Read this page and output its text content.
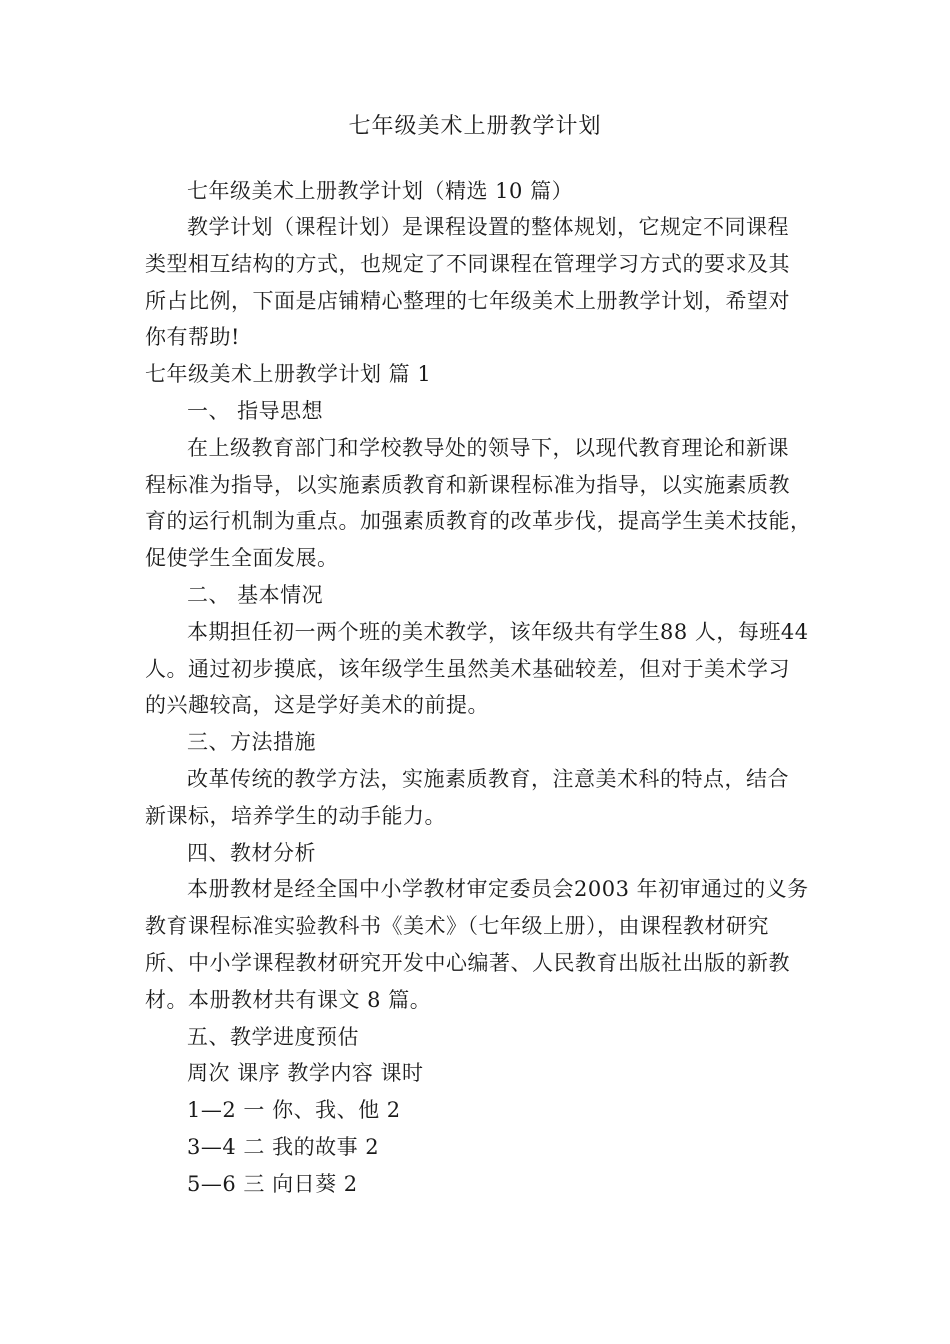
七年级美术上册教学计划
七年级美术上册教学计划（精选 10 篇）
教学计划（课程计划）是课程设置的整体规划，它规定不同课程
类型相互结构的方式，也规定了不同课程在管理学习方式的要求及其
所占比例，下面是店铺精心整理的七年级美术上册教学计划，希望对
你有帮助!
七年级美术上册教学计划 篇 1
一、 指导思想
在上级教育部门和学校教导处的领导下，以现代教育理论和新课
程标准为指导，以实施素质教育和新课程标准为指导，以实施素质教
育的运行机制为重点。加强素质教育的改革步伐，提高学生美术技能，
促使学生全面发展。
二、 基本情况
本期担任初一两个班的美术教学，该年级共有学生88 人，每班44
人。通过初步摸底，该年级学生虽然美术基础较差，但对于美术学习
的兴趣较高，这是学好美术的前提。
三、方法措施
改革传统的教学方法，实施素质教育，注意美术科的特点，结合
新课标，培养学生的动手能力。
四、教材分析
本册教材是经全国中小学教材审定委员会2003 年初审通过的义务
教育课程标准实验教科书《美术》（七年级上册），由课程教材研究
所、中小学课程教材研究开发中心编著、人民教育出版社出版的新教
材。本册教材共有课文 8 篇。
五、教学进度预估
周次 课序 教学内容 课时
1—2 一 你、我、他 2
3—4 二 我的故事 2
5—6 三 向日葵 2
